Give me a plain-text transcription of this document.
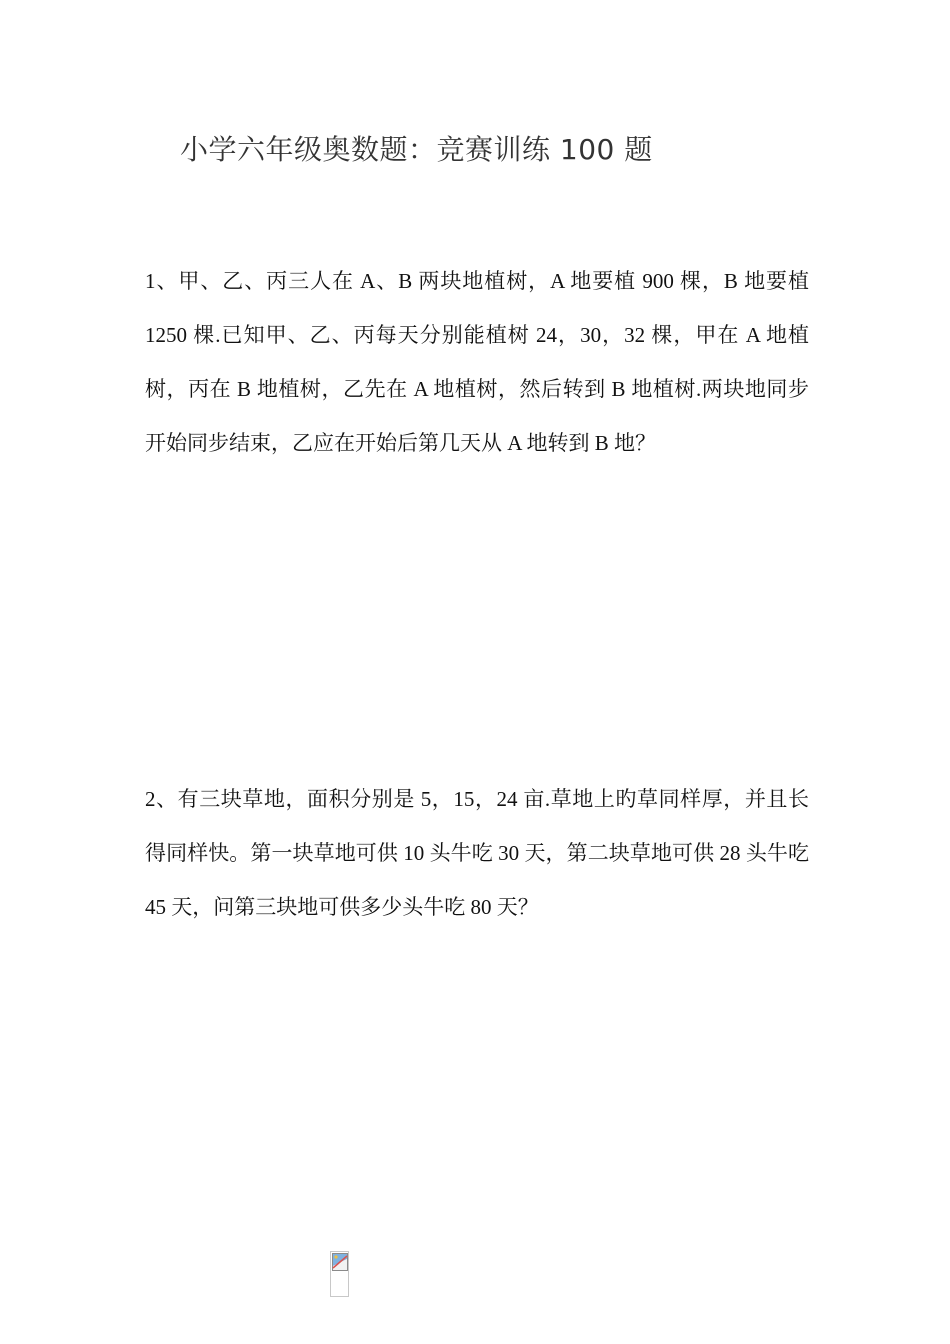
小学六年级奥数题：竞赛训练 100 题

1、甲、乙、丙三人在 A、B 两块地植树，A 地要植 900 棵，B 地要植 1250 棵.已知甲、乙、丙每天分别能植树 24，30，32 棵，甲在 A 地植树，丙在 B 地植树，乙先在 A 地植树，然后转到 B 地植树.两块地同步开始同步结束，乙应在开始后第几天从 A 地转到 B 地？

2、有三块草地，面积分别是 5，15，24 亩.草地上旳草同样厚，并且长得同样快。第一块草地可供 10 头牛吃 30 天，第二块草地可供 28 头牛吃 45 天，问第三块地可供多少头牛吃 80 天？
